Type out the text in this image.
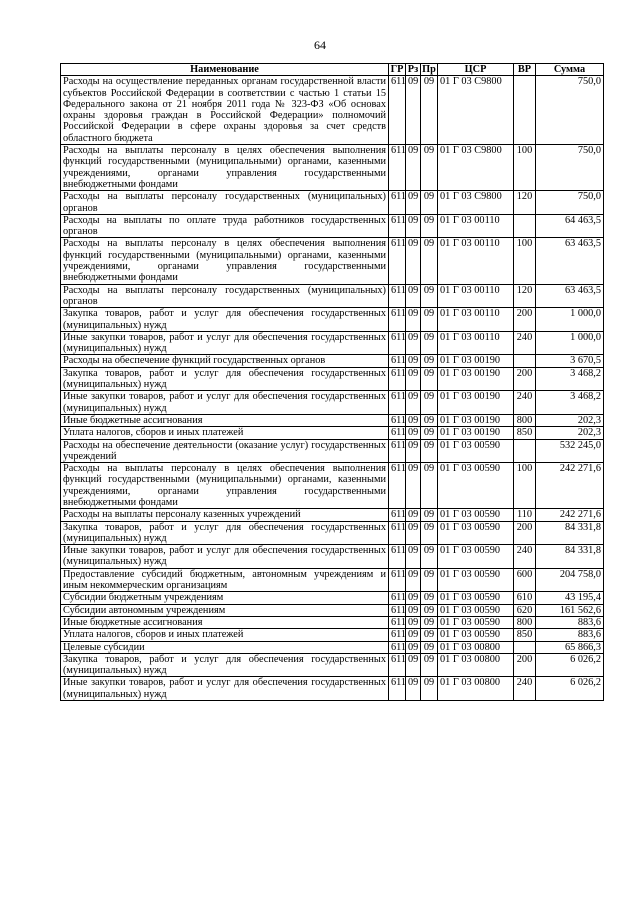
64
Наименование	ГР	Рз	Пр	ЦСР	ВР	Сумма
Расходы на осуществление переданных органам государственной власти субъектов Российской Федерации в соответствии с частью 1 статьи 15 Федерального закона от 21 ноября 2011 года № 323-ФЗ «Об основах охраны здоровья граждан в Российской Федерации» полномочий Российской Федерации в сфере охраны здоровья за счет средств областного бюджета	611	09	09	01 Г 03 С9800		750,0
Расходы на выплаты персоналу в целях обеспечения выполнения функций государственными (муниципальными) органами, казенными учреждениями, органами управления государственными внебюджетными фондами	611	09	09	01 Г 03 С9800	100	750,0
Расходы на выплаты персоналу государственных (муниципальных) органов	611	09	09	01 Г 03 С9800	120	750,0
Расходы на выплаты по оплате труда работников государственных органов	611	09	09	01 Г 03 00110		64 463,5
Расходы на выплаты персоналу в целях обеспечения выполнения функций государственными (муниципальными) органами, казенными учреждениями, органами управления государственными внебюджетными фондами	611	09	09	01 Г 03 00110	100	63 463,5
Расходы на выплаты персоналу государственных (муниципальных) органов	611	09	09	01 Г 03 00110	120	63 463,5
Закупка товаров, работ и услуг для обеспечения государственных (муниципальных) нужд	611	09	09	01 Г 03 00110	200	1 000,0
Иные закупки товаров, работ и услуг для обеспечения государственных (муниципальных) нужд	611	09	09	01 Г 03 00110	240	1 000,0
Расходы на обеспечение функций государственных органов	611	09	09	01 Г 03 00190		3 670,5
Закупка товаров, работ и услуг для обеспечения государственных (муниципальных) нужд	611	09	09	01 Г 03 00190	200	3 468,2
Иные закупки товаров, работ и услуг для обеспечения государственных (муниципальных) нужд	611	09	09	01 Г 03 00190	240	3 468,2
Иные бюджетные ассигнования	611	09	09	01 Г 03 00190	800	202,3
Уплата налогов, сборов и иных платежей	611	09	09	01 Г 03 00190	850	202,3
Расходы на обеспечение деятельности (оказание услуг) государственных учреждений	611	09	09	01 Г 03 00590		532 245,0
Расходы на выплаты персоналу в целях обеспечения выполнения функций государственными (муниципальными) органами, казенными учреждениями, органами управления государственными внебюджетными фондами	611	09	09	01 Г 03 00590	100	242 271,6
Расходы на выплаты персоналу казенных учреждений	611	09	09	01 Г 03 00590	110	242 271,6
Закупка товаров, работ и услуг для обеспечения государственных (муниципальных) нужд	611	09	09	01 Г 03 00590	200	84 331,8
Иные закупки товаров, работ и услуг для обеспечения государственных (муниципальных) нужд	611	09	09	01 Г 03 00590	240	84 331,8
Предоставление субсидий бюджетным, автономным учреждениям и иным некоммерческим организациям	611	09	09	01 Г 03 00590	600	204 758,0
Субсидии бюджетным учреждениям	611	09	09	01 Г 03 00590	610	43 195,4
Субсидии автономным учреждениям	611	09	09	01 Г 03 00590	620	161 562,6
Иные бюджетные ассигнования	611	09	09	01 Г 03 00590	800	883,6
Уплата налогов, сборов и иных платежей	611	09	09	01 Г 03 00590	850	883,6
Целевые субсидии	611	09	09	01 Г 03 00800		65 866,3
Закупка товаров, работ и услуг для обеспечения государственных (муниципальных) нужд	611	09	09	01 Г 03 00800	200	6 026,2
Иные закупки товаров, работ и услуг для обеспечения государственных (муниципальных) нужд	611	09	09	01 Г 03 00800	240	6 026,2
